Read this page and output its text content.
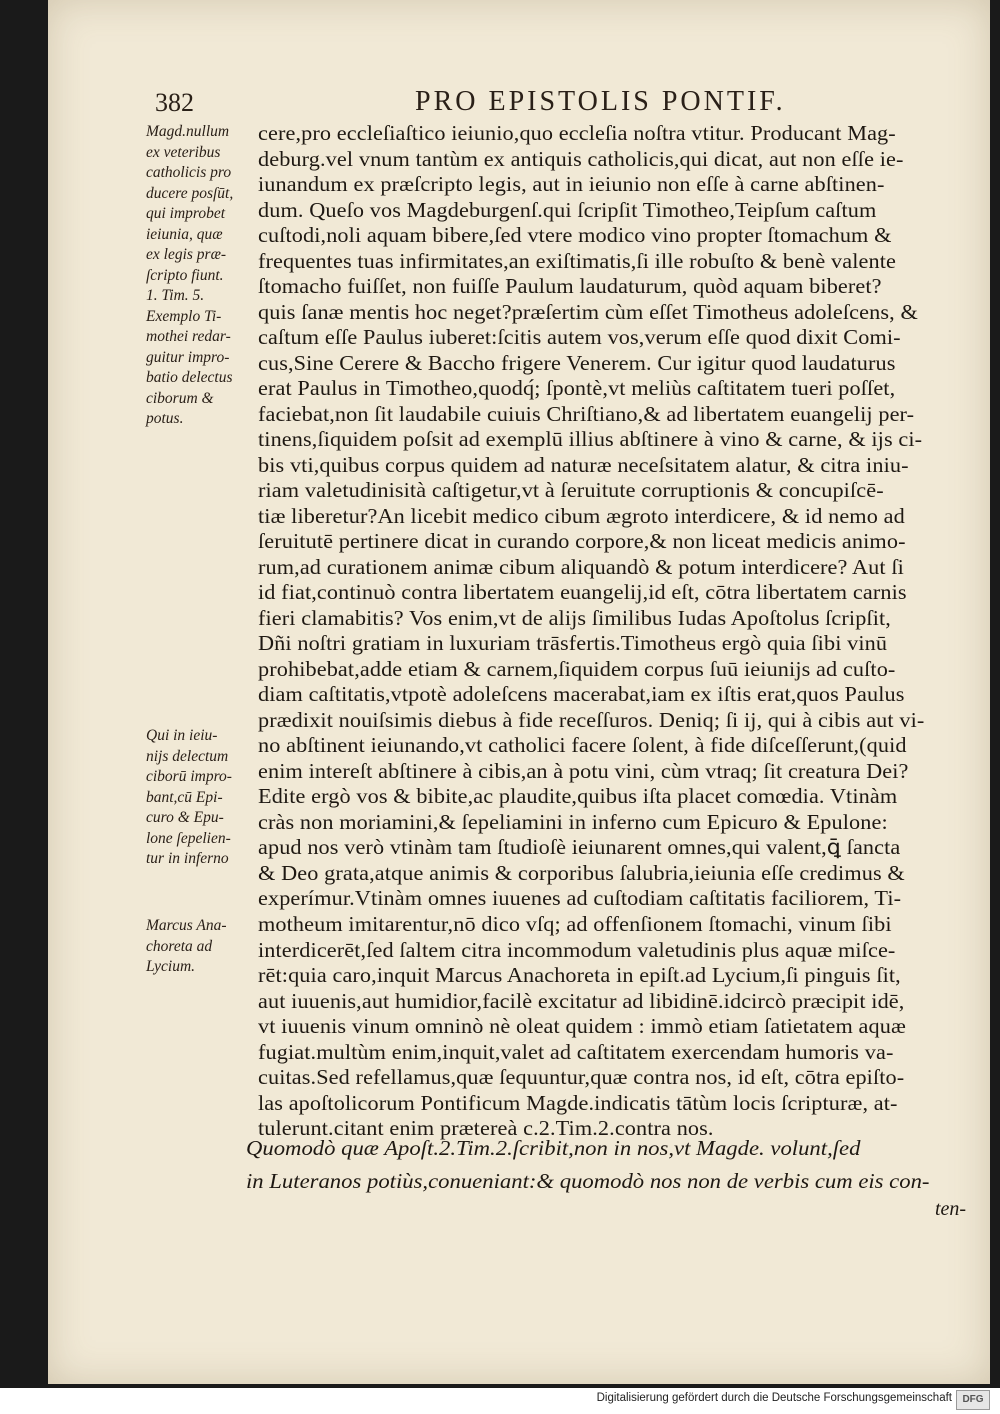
382	PRO EPISTOLIS PONTIF.
Magd.nullum
ex veteribus
catholicis pro
ducere posſūt,
qui improbet
ieiunia, quæ
ex legis præ-
ſcripto fiunt.
1. Tim. 5.
Exemplo Ti-
mothei redar-
guitur impro-
batio delectus
ciborum &
potus.
Qui in ieiu-
nijs delectum
ciborū impro-
bant,cū Epi-
curo & Epu-
lone ſepelien-
tur in inferno
Marcus Ana-
choreta ad
Lycium.
cere,pro eccleſiaſtico ieiunio,quo eccleſia noſtra vtitur. Producant Mag-
deburg.vel vnum tantùm ex antiquis catholicis,qui dicat, aut non eſſe ie-
iunandum ex præſcripto legis, aut in ieiunio non eſſe à carne abſtinen-
dum. Queſo vos Magdeburgenſ.qui ſcripſit Timotheo,Teipſum caſtum
cuſtodi,noli aquam bibere,ſed vtere modico vino propter ſtomachum &
frequentes tuas infirmitates,an exiſtimatis,ſi ille robuſto & benè valente
ſtomacho fuiſſet, non fuiſſe Paulum laudaturum, quòd aquam biberet?
quis ſanæ mentis hoc neget?præſertim cùm eſſet Timotheus adoleſcens, &
caſtum eſſe Paulus iuberet:ſcitis autem vos,verum eſſe quod dixit Comi-
cus,Sine Cerere & Baccho frigere Venerem. Cur igitur quod laudaturus
erat Paulus in Timotheo,quodq́; ſpontè,vt meliùs caſtitatem tueri poſſet,
faciebat,non ſit laudabile cuiuis Chriſtiano,& ad libertatem euangelij per-
tinens,ſiquidem poſsit ad exemplū illius abſtinere à vino & carne, & ijs ci-
bis vti,quibus corpus quidem ad naturæ neceſsitatem alatur, & citra iniu-
riam valetudinisità caſtigetur,vt à ſeruitute corruptionis & concupiſcē-
tiæ liberetur?An licebit medico cibum ægroto interdicere, & id nemo ad
ſeruitutē pertinere dicat in curando corpore,& non liceat medicis animo-
rum,ad curationem animæ cibum aliquandò & potum interdicere? Aut ſi
id fiat,continuò contra libertatem euangelij,id eſt, cōtra libertatem carnis
fieri clamabitis? Vos enim,vt de alijs ſimilibus Iudas Apoſtolus ſcripſit,
Dñi noſtri gratiam in luxuriam trāsfertis.Timotheus ergò quia ſibi vinū
prohibebat,adde etiam & carnem,ſiquidem corpus ſuū ieiunijs ad cuſto-
diam caſtitatis,vtpotè adoleſcens macerabat,iam ex iſtis erat,quos Paulus
prædixit nouiſsimis diebus à fide receſſuros. Deniq; ſi ij, qui à cibis aut vi-
no abſtinent ieiunando,vt catholici facere ſolent, à fide diſceſſerunt,(quid
enim intereſt abſtinere à cibis,an à potu vini, cùm vtraq; ſit creatura Dei?
Edite ergò vos & bibite,ac plaudite,quibus iſta placet comœdia. Vtinàm
cràs non moriamini,& ſepeliamini in inferno cum Epicuro & Epulone:
apud nos verò vtinàm tam ſtudioſè ieiunarent omnes,qui valent,ꝗ̄ ſancta
& Deo grata,atque animis & corporibus ſalubria,ieiunia eſſe credimus &
experímur.Vtinàm omnes iuuenes ad cuſtodiam caſtitatis faciliorem, Ti-
motheum imitarentur,nō dico vſq; ad offenſionem ſtomachi, vinum ſibi
interdicerēt,ſed ſaltem citra incommodum valetudinis plus aquæ miſce-
rēt:quia caro,inquit Marcus Anachoreta in epiſt.ad Lycium,ſi pinguis ſit,
aut iuuenis,aut humidior,facilè excitatur ad libidinē.idcircò præcipit idē,
vt iuuenis vinum omninò nè oleat quidem : immò etiam ſatietatem aquæ
fugiat.multùm enim,inquit,valet ad caſtitatem exercendam humoris va-
cuitas.Sed refellamus,quæ ſequuntur,quæ contra nos, id eſt, cōtra epiſto-
las apoſtolicorum Pontificum Magde.indicatis tātùm locis ſcripturæ, at-
tulerunt.citant enim prætereà c.2.Tim.2.contra nos.
Quomodò quæ Apoſt.2.Tim.2.ſcribit,non in nos,vt Magde. volunt,ſed
in Luteranos potiùs,conueniant:& quomodò nos non de verbis cum eis con-
ten-
Digitalisierung gefördert durch die Deutsche Forschungsgemeinschaft	DFG
